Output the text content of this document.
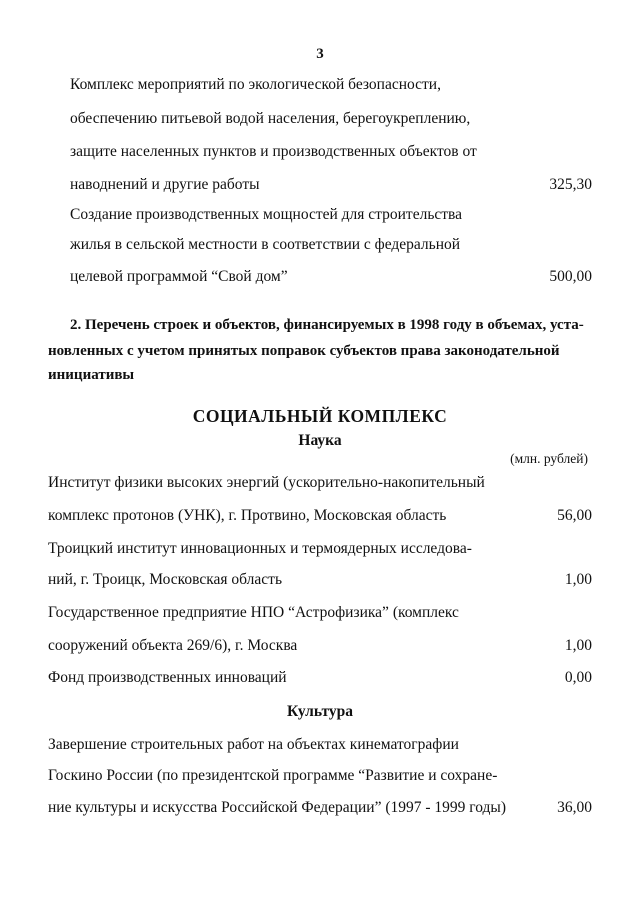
3
Комплекс мероприятий по экологической безопасности,
обеспечению питьевой водой населения, берегоукреплению,
защите населенных пунктов и производственных объектов от
наводнений и другие работы	325,30
Создание производственных мощностей для строительства
жилья в сельской местности в соответствии с федеральной
целевой программой “Свой дом”	500,00
2. Перечень строек и объектов, финансируемых в 1998 году в объемах, уста-
новленных с учетом принятых поправок субъектов права законодательной
инициативы
СОЦИАЛЬНЫЙ КОМПЛЕКС
Наука
(млн. рублей)
Институт физики высоких энергий (ускорительно-накопительный
комплекс протонов (УНК), г. Протвино, Московская область	56,00
Троицкий институт инновационных и термоядерных исследова-
ний, г. Троицк, Московская область	1,00
Государственное предприятие НПО “Астрофизика” (комплекс
сооружений объекта 269/6), г. Москва	1,00
Фонд производственных инноваций	0,00
Культура
Завершение строительных работ на объектах кинематографии
Госкино России (по президентской программе “Развитие и сохране-
ние культуры и искусства Российской Федерации” (1997 - 1999 годы)	36,00
